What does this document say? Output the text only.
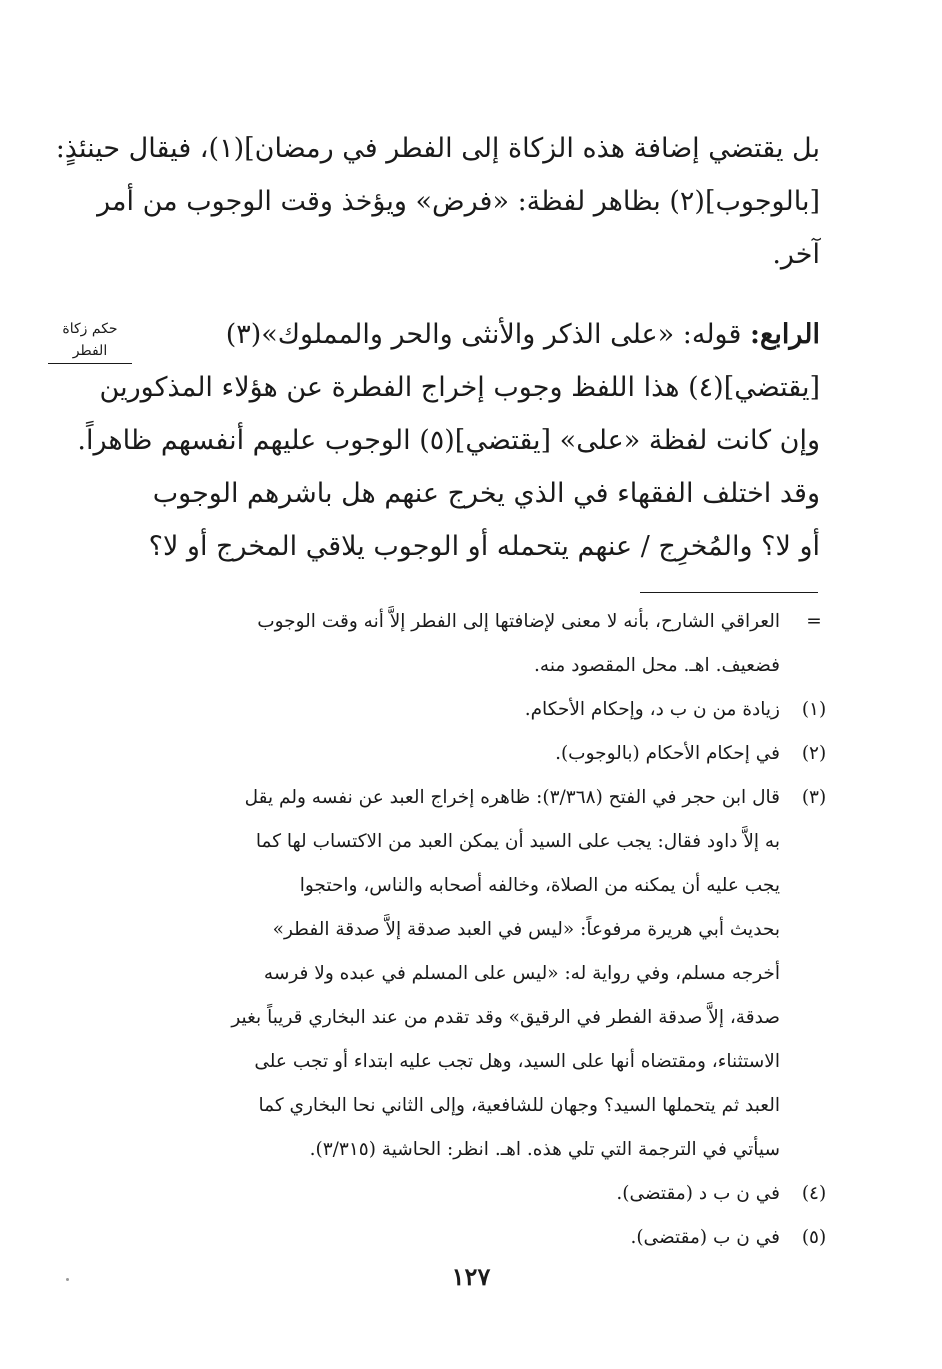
بل يقتضي إضافة هذه الزكاة إلى الفطر في رمضان](١)، فيقال حينئذٍ:
[بالوجوب](٢) بظاهر لفظة: «فرض» ويؤخذ وقت الوجوب من أمر
آخر.
الرابع: قوله: «على الذكر والأنثى والحر والمملوك»(٣)
[يقتضي](٤) هذا اللفظ وجوب إخراج الفطرة عن هؤلاء المذكورين
وإن كانت لفظة «على» [يقتضي](٥) الوجوب عليهم أنفسهم ظاهراً.
وقد اختلف الفقهاء في الذي يخرج عنهم هل باشرهم الوجوب
أو لا؟ والمُخرِج / عنهم يتحمله أو الوجوب يلاقي المخرج أو لا؟
حكم زكاة
الفطر
=
العراقي الشارح، بأنه لا معنى لإضافتها إلى الفطر إلاَّ أنه وقت الوجوب
فضعيف. اهـ. محل المقصود منه.
(١)
زيادة من ن ب د، وإحكام الأحكام.
(٢)
في إحكام الأحكام (بالوجوب).
(٣)
قال ابن حجر في الفتح (٣/٣٦٨): ظاهره إخراج العبد عن نفسه ولم يقل
به إلاَّ داود فقال: يجب على السيد أن يمكن العبد من الاكتساب لها كما
يجب عليه أن يمكنه من الصلاة، وخالفه أصحابه والناس، واحتجوا
بحديث أبي هريرة مرفوعاً: «ليس في العبد صدقة إلاَّ صدقة الفطر»
أخرجه مسلم، وفي رواية له: «ليس على المسلم في عبده ولا فرسه
صدقة، إلاَّ صدقة الفطر في الرقيق» وقد تقدم من عند البخاري قريباً بغير
الاستثناء، ومقتضاه أنها على السيد، وهل تجب عليه ابتداء أو تجب على
العبد ثم يتحملها السيد؟ وجهان للشافعية، وإلى الثاني نحا البخاري كما
سيأتي في الترجمة التي تلي هذه. اهـ. انظر: الحاشية (٣/٣١٥).
(٤)
في ن ب د (مقتضى).
(٥)
في ن ب (مقتضى).
١٢٧
